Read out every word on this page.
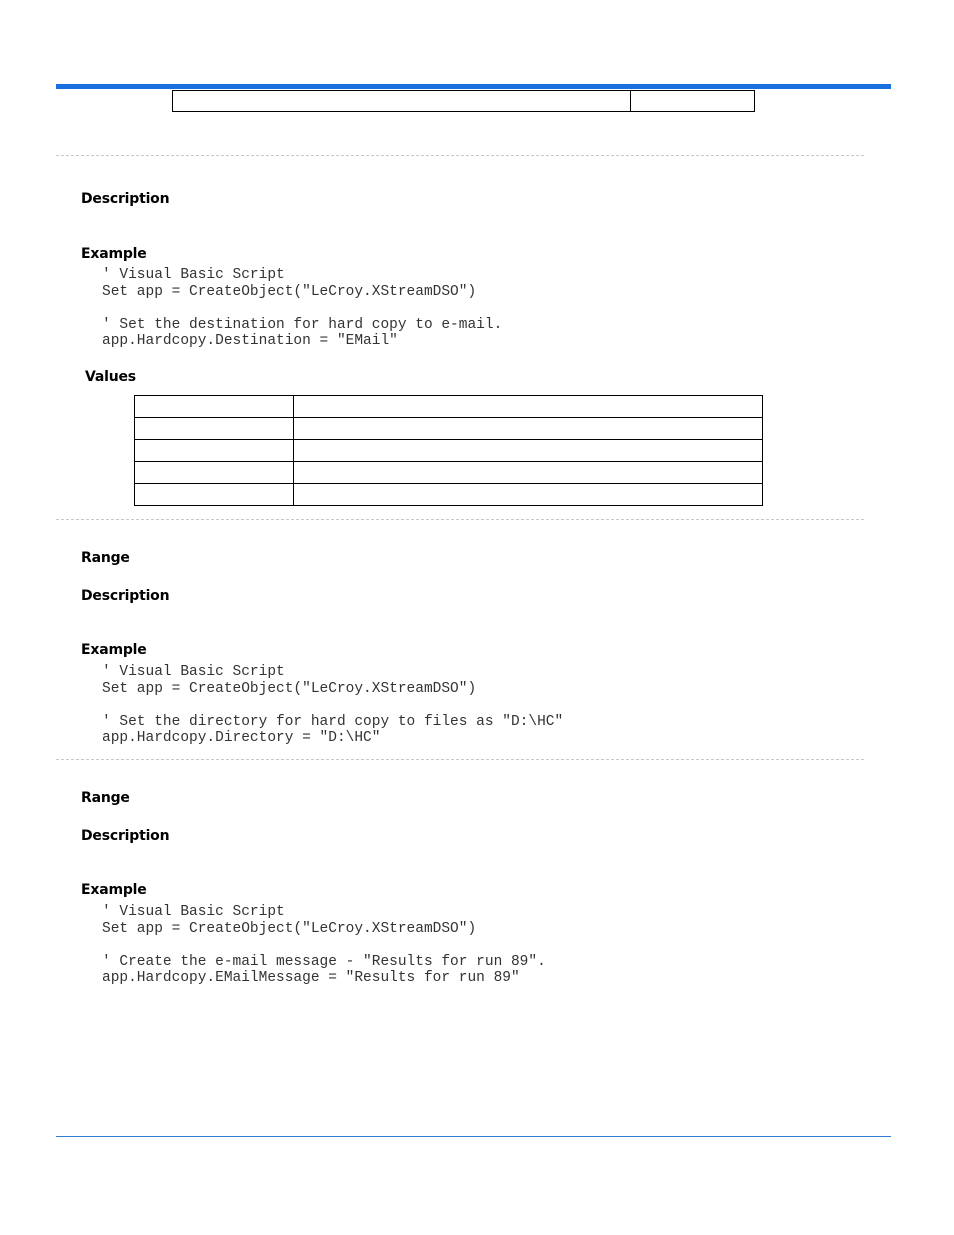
Description
Example
' Visual Basic Script
Set app = CreateObject("LeCroy.XStreamDSO")

' Set the destination for hard copy to e-mail.
app.Hardcopy.Destination = "EMail"
Values

Range
Description
Example
' Visual Basic Script
Set app = CreateObject("LeCroy.XStreamDSO")

' Set the directory for hard copy to files as "D:\HC"
app.Hardcopy.Directory = "D:\HC"
Range
Description
Example
' Visual Basic Script
Set app = CreateObject("LeCroy.XStreamDSO")

' Create the e-mail message - "Results for run 89".
app.Hardcopy.EMailMessage = "Results for run 89"
